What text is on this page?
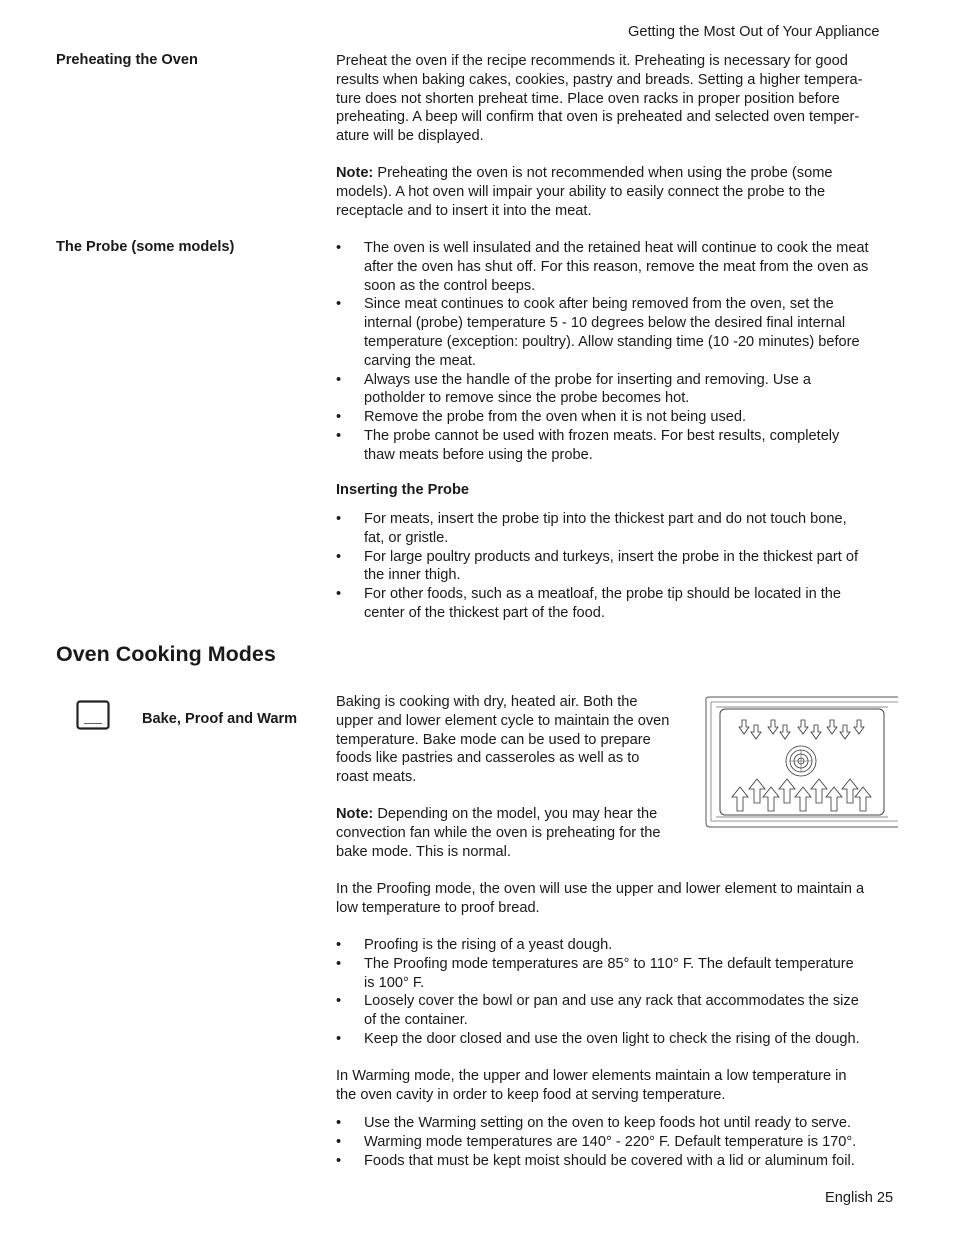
Getting the Most Out of Your Appliance
Preheating the Oven	Preheat the oven if the recipe recommends it. Preheating is necessary for good
results when baking cakes, cookies, pastry and breads. Setting a higher tempera-
ture does not shorten preheat time. Place oven racks in proper position before
preheating. A beep will confirm that oven is preheated and selected oven temper-
ature will be displayed.
Note: Preheating the oven is not recommended when using the probe (some
models). A hot oven will impair your ability to easily connect the probe to the
receptacle and to insert it into the meat.
The Probe (some models)	•	The oven is well insulated and the retained heat will continue to cook the meat
after the oven has shut off. For this reason, remove the meat from the oven as
soon as the control beeps.
•	Since meat continues to cook after being removed from the oven, set the
internal (probe) temperature 5 - 10 degrees below the desired final internal
temperature (exception: poultry). Allow standing time (10 -20 minutes) before
carving the meat.
•	Always use the handle of the probe for inserting and removing. Use a
potholder to remove since the probe becomes hot.
•	Remove the probe from the oven when it is not being used.
•	The probe cannot be used with frozen meats. For best results, completely
thaw meats before using the probe.
Inserting the Probe
•	For meats, insert the probe tip into the thickest part and do not touch bone,
fat, or gristle.
•	For large poultry products and turkeys, insert the probe in the thickest part of
the inner thigh.
•	For other foods, such as a meatloaf, the probe tip should be located in the
center of the thickest part of the food.
Oven Cooking Modes
Bake, Proof and Warm
Baking is cooking with dry, heated air. Both the
upper and lower element cycle to maintain the oven
temperature. Bake mode can be used to prepare
foods like pastries and casseroles as well as to
roast meats.
Note: Depending on the model, you may hear the
convection fan while the oven is preheating for the
bake mode. This is normal.
In the Proofing mode, the oven will use the upper and lower element to maintain a
low temperature to proof bread.
•	Proofing is the rising of a yeast dough.
•	The Proofing mode temperatures are 85° to 110° F. The default temperature
is 100° F.
•	Loosely cover the bowl or pan and use any rack that accommodates the size
of the container.
•	Keep the door closed and use the oven light to check the rising of the dough.
In Warming mode, the upper and lower elements maintain a low temperature in
the oven cavity in order to keep food at serving temperature.
•	Use the Warming setting on the oven to keep foods hot until ready to serve.
•	Warming mode temperatures are 140° - 220° F. Default temperature is 170°.
•	Foods that must be kept moist should be covered with a lid or aluminum foil.
English 25
